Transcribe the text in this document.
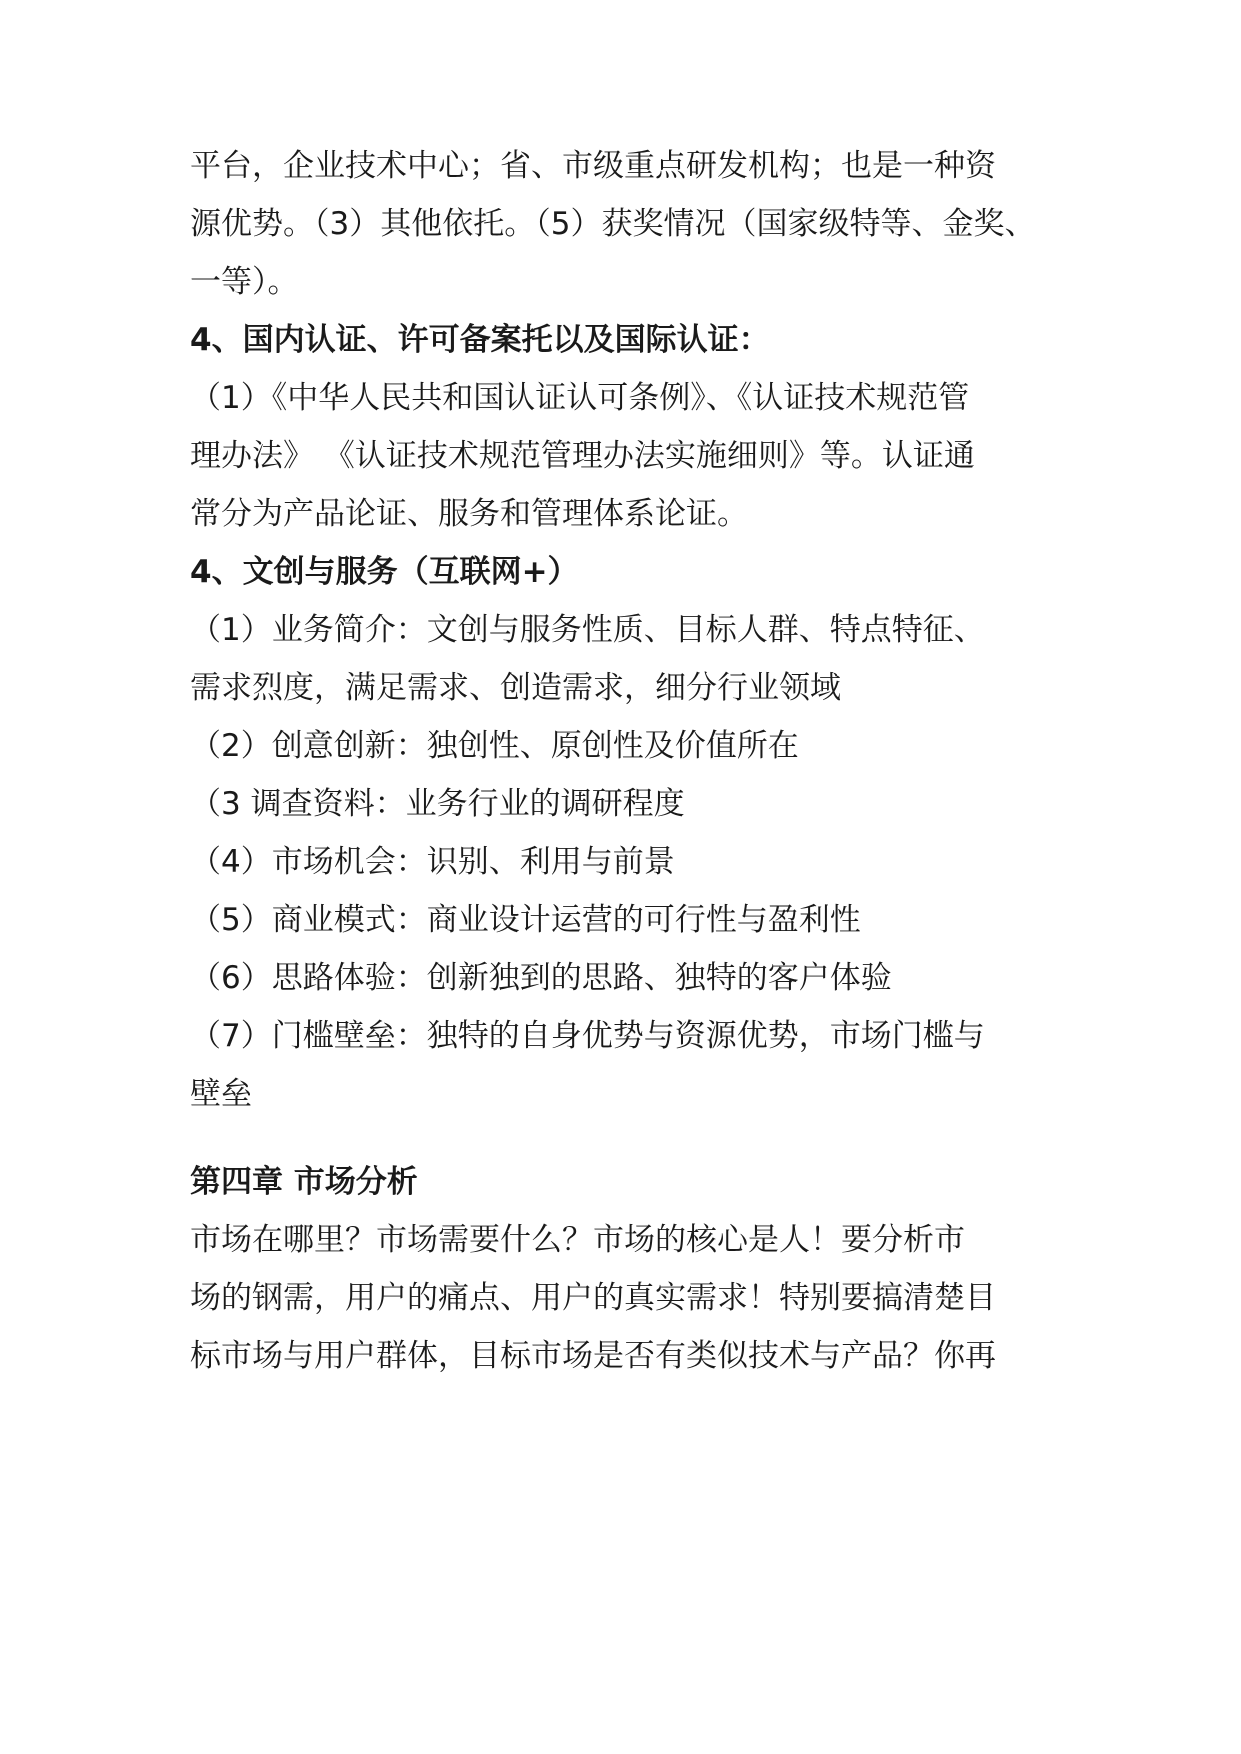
平台，企业技术中心；省、市级重点研发机构；也是一种资
源优势。（3）其他依托。（5）获奖情况（国家级特等、金奖、
一等）。
4、国内认证、许可备案托以及国际认证：
（1）《中华人民共和国认证认可条例》、《认证技术规范管
理办法》 《认证技术规范管理办法实施细则》等。认证通
常分为产品论证、服务和管理体系论证。
4、文创与服务（互联网+）
（1）业务简介：文创与服务性质、目标人群、特点特征、
需求烈度，满足需求、创造需求，细分行业领域
（2）创意创新：独创性、原创性及价值所在
（3 调查资料：业务行业的调研程度
（4）市场机会：识别、利用与前景
（5）商业模式：商业设计运营的可行性与盈利性
（6）思路体验：创新独到的思路、独特的客户体验
（7）门槛壁垒：独特的自身优势与资源优势，市场门槛与
壁垒
第四章 市场分析
市场在哪里？市场需要什么？市场的核心是人！要分析市
场的钢需，用户的痛点、用户的真实需求！特别要搞清楚目
标市场与用户群体，目标市场是否有类似技术与产品？你再
